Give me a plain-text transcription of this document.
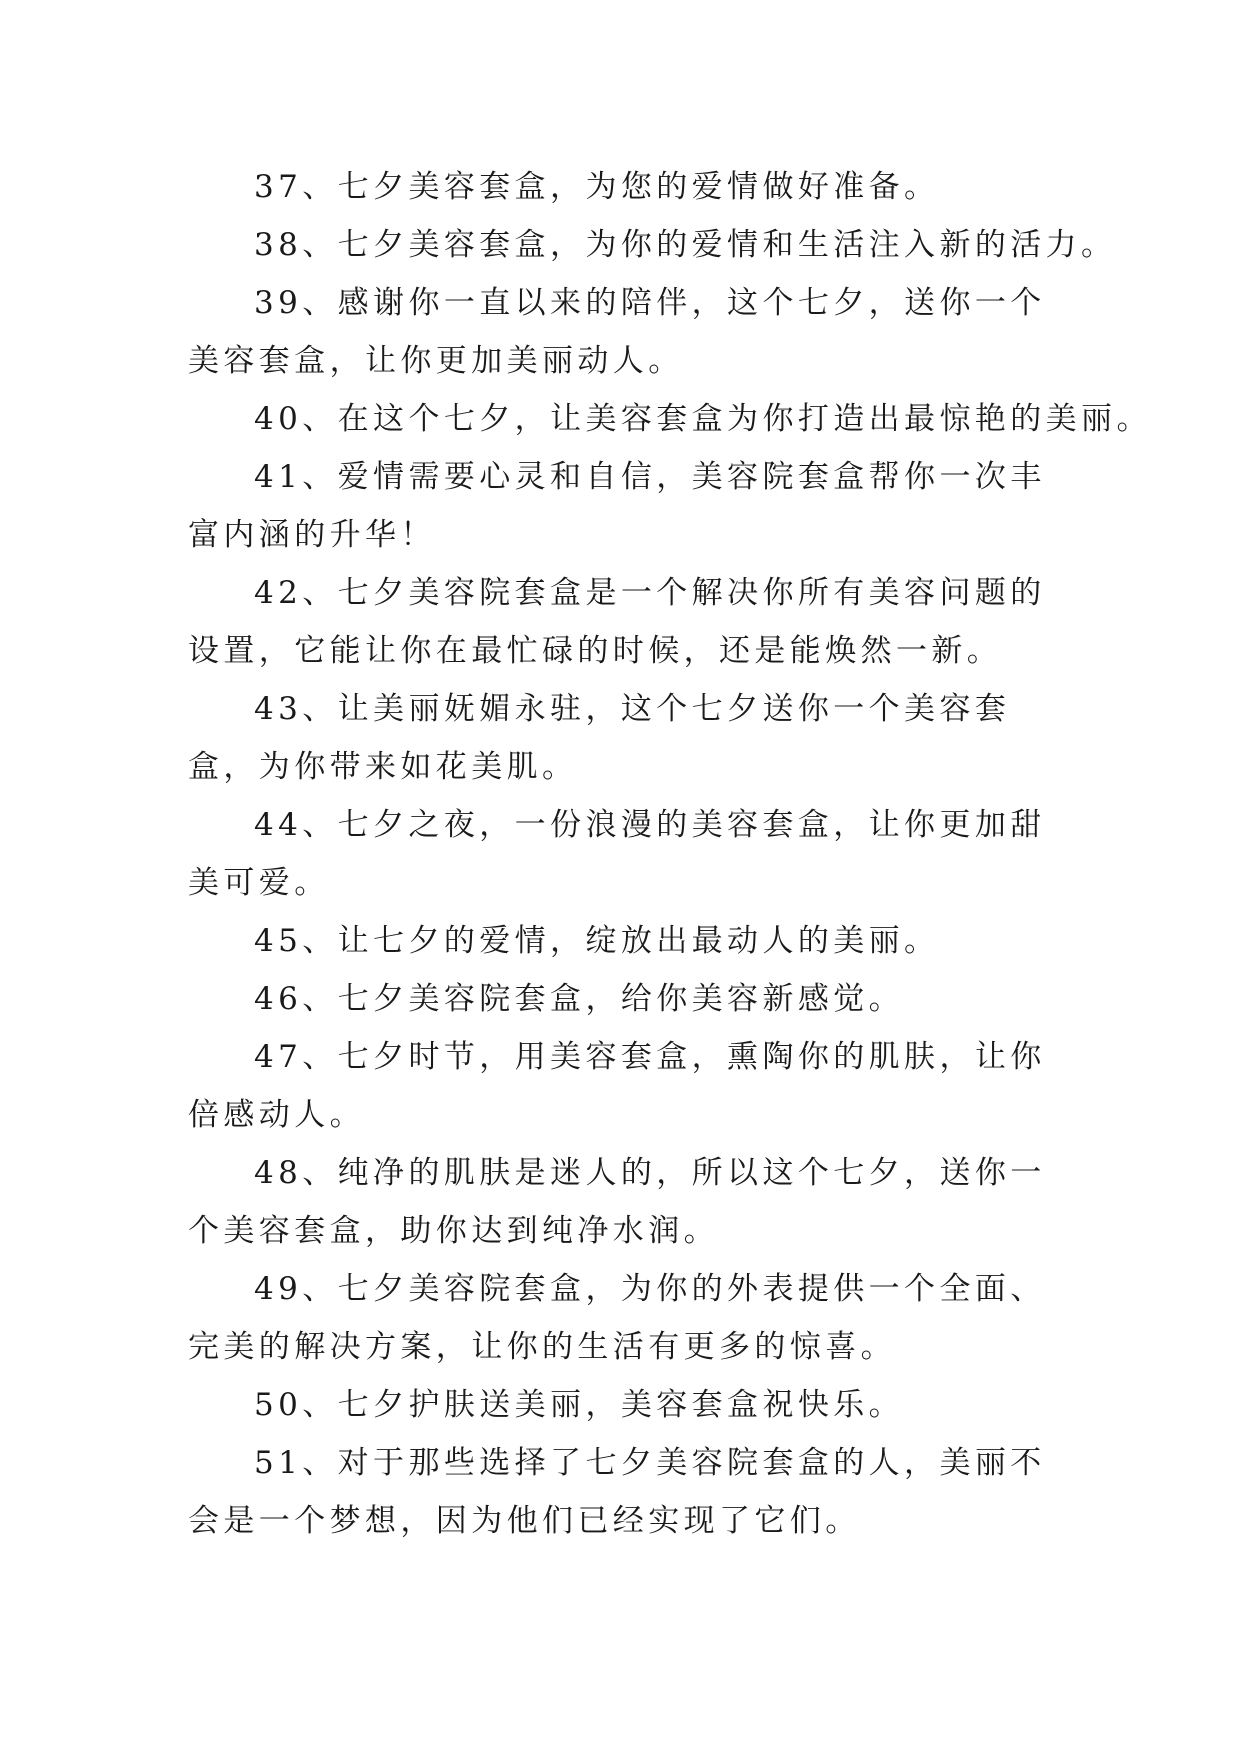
37、七夕美容套盒，为您的爱情做好准备。

38、七夕美容套盒，为你的爱情和生活注入新的活力。

39、感谢你一直以来的陪伴，这个七夕，送你一个美容套盒，让你更加美丽动人。

40、在这个七夕，让美容套盒为你打造出最惊艳的美丽。

41、爱情需要心灵和自信，美容院套盒帮你一次丰富内涵的升华！

42、七夕美容院套盒是一个解决你所有美容问题的设置，它能让你在最忙碌的时候，还是能焕然一新。

43、让美丽妩媚永驻，这个七夕送你一个美容套盒，为你带来如花美肌。

44、七夕之夜，一份浪漫的美容套盒，让你更加甜美可爱。

45、让七夕的爱情，绽放出最动人的美丽。

46、七夕美容院套盒，给你美容新感觉。

47、七夕时节，用美容套盒，熏陶你的肌肤，让你倍感动人。

48、纯净的肌肤是迷人的，所以这个七夕，送你一个美容套盒，助你达到纯净水润。

49、七夕美容院套盒，为你的外表提供一个全面、完美的解决方案，让你的生活有更多的惊喜。

50、七夕护肤送美丽，美容套盒祝快乐。

51、对于那些选择了七夕美容院套盒的人，美丽不会是一个梦想，因为他们已经实现了它们。
